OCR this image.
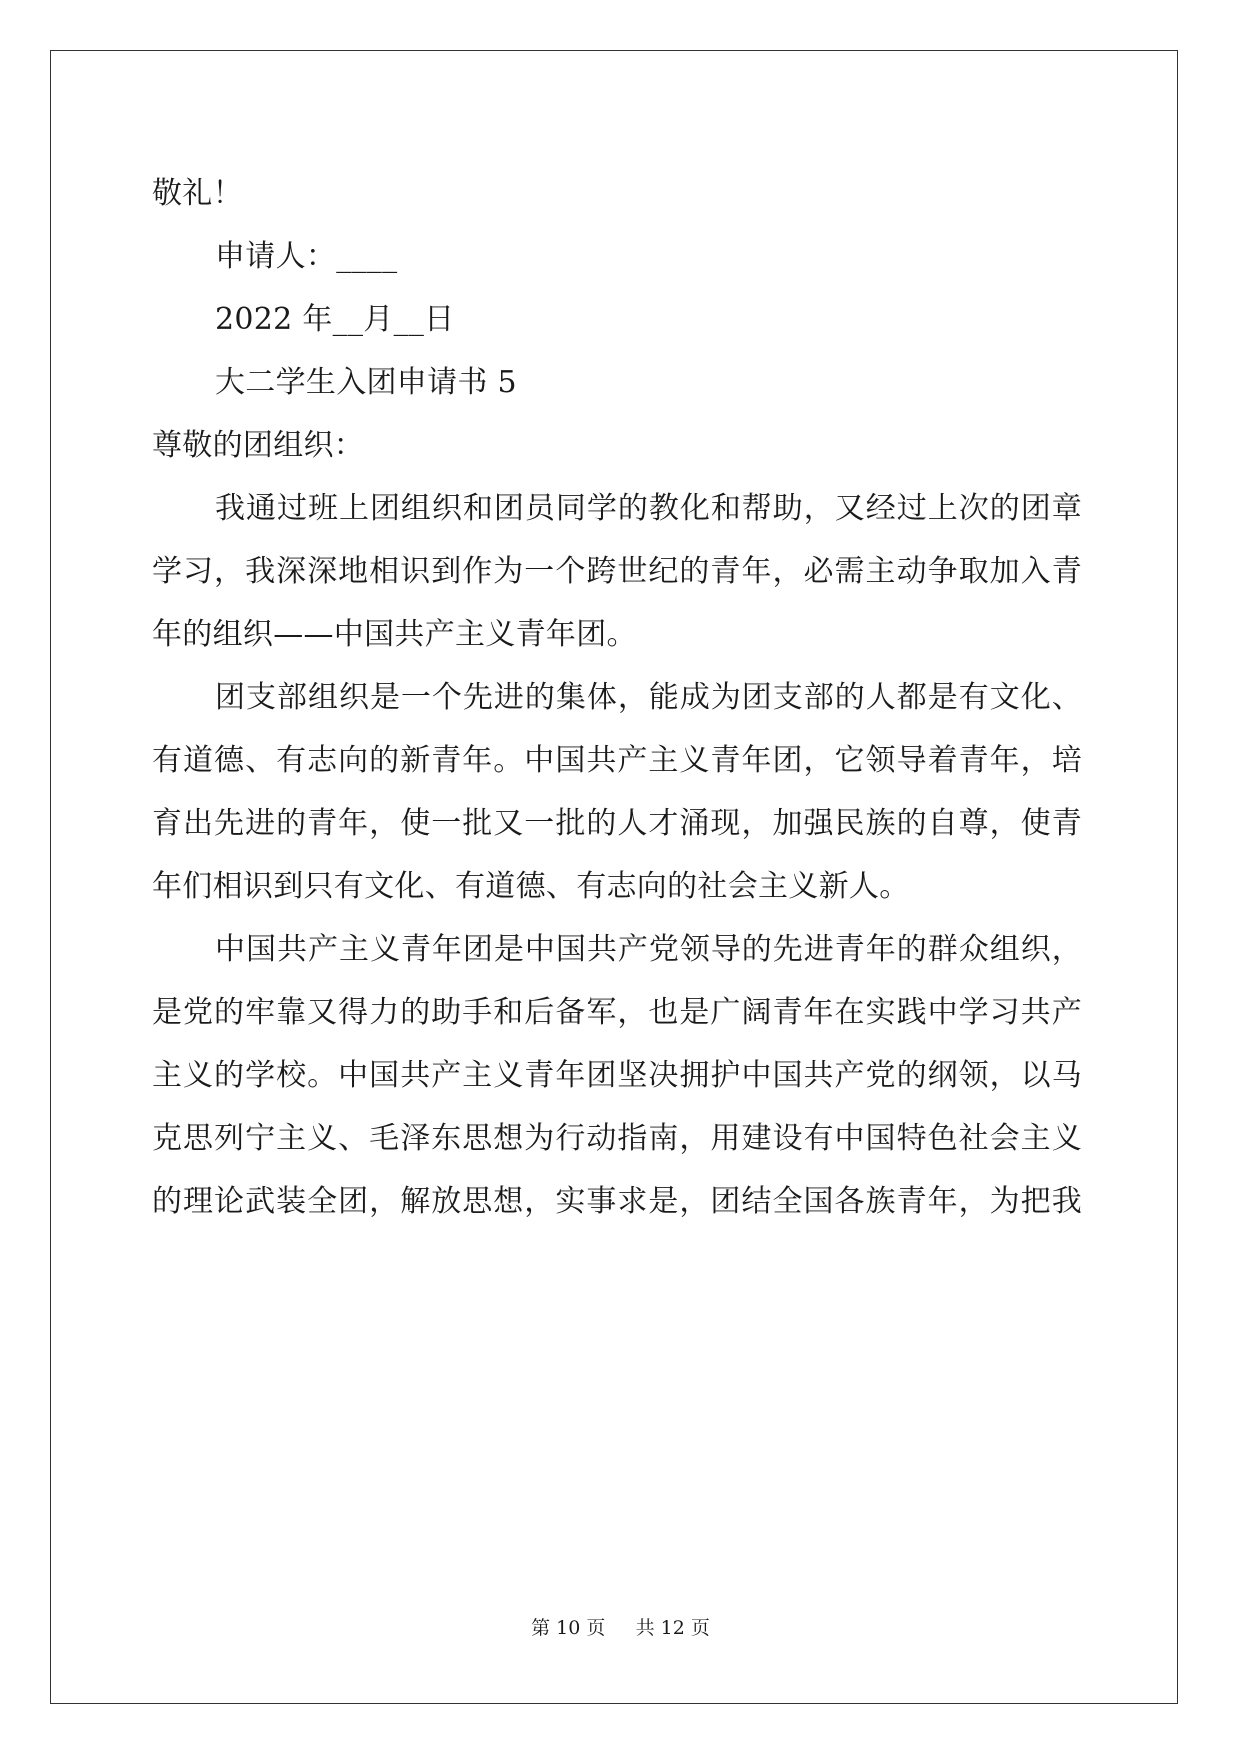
敬礼！
申请人：____
2022 年__月__日
大二学生入团申请书 5
尊敬的团组织：
我通过班上团组织和团员同学的教化和帮助，又经过上次的团章
学习，我深深地相识到作为一个跨世纪的青年，必需主动争取加入青
年的组织——中国共产主义青年团。
团支部组织是一个先进的集体，能成为团支部的人都是有文化、
有道德、有志向的新青年。中国共产主义青年团，它领导着青年，培
育出先进的青年，使一批又一批的人才涌现，加强民族的自尊，使青
年们相识到只有文化、有道德、有志向的社会主义新人。
中国共产主义青年团是中国共产党领导的先进青年的群众组织，
是党的牢靠又得力的助手和后备军，也是广阔青年在实践中学习共产
主义的学校。中国共产主义青年团坚决拥护中国共产党的纲领，以马
克思列宁主义、毛泽东思想为行动指南，用建设有中国特色社会主义
的理论武装全团，解放思想，实事求是，团结全国各族青年，为把我
第 10 页 共 12 页
